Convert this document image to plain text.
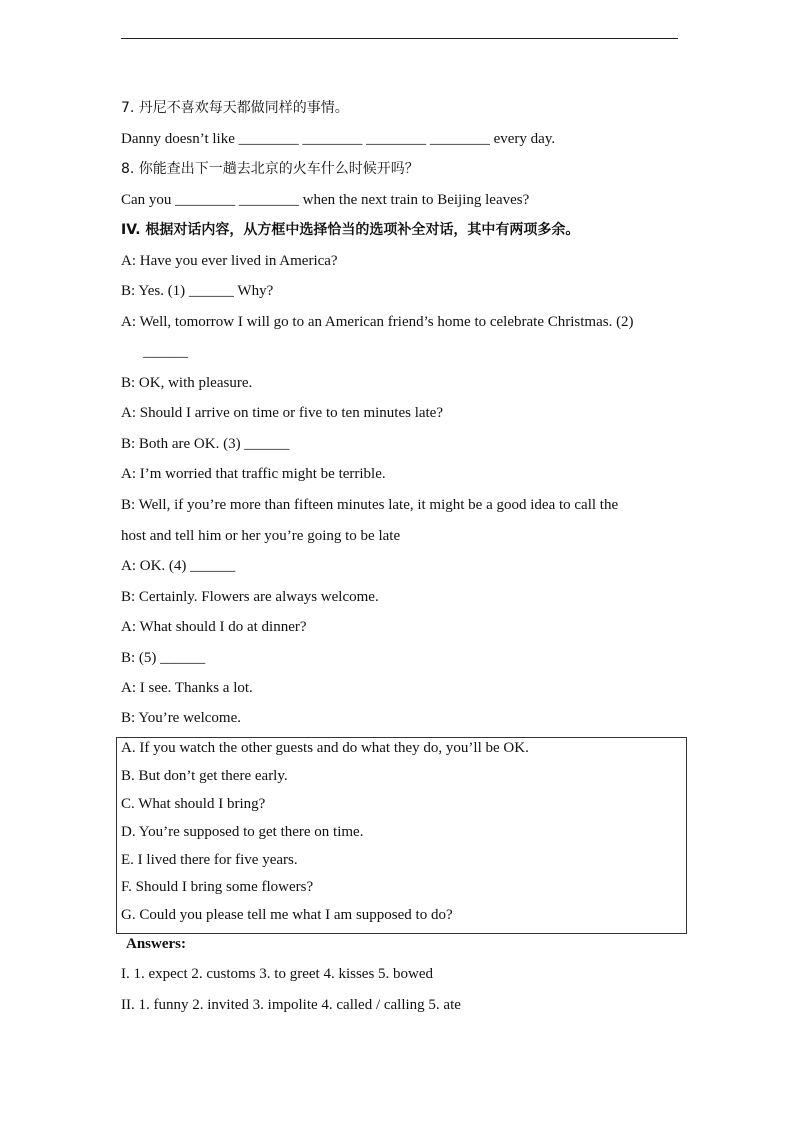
7. 丹尼不喜欢每天都做同样的事情。
Danny doesn’t like ________ ________ ________ ________ every day.
8. 你能查出下一趟去北京的火车什么时候开吗？
Can you ________ ________ when the next train to Beijing leaves?
IV. 根据对话内容，从方框中选择恰当的选项补全对话，其中有两项多余。
A: Have you ever lived in America?
B: Yes. (1) ______ Why?
A: Well, tomorrow I will go to an American friend’s home to celebrate Christmas. (2)
______
B: OK, with pleasure.
A: Should I arrive on time or five to ten minutes late?
B: Both are OK. (3) ______
A: I’m worried that traffic might be terrible.
B: Well, if you’re more than fifteen minutes late, it might be a good idea to call the
host and tell him or her you’re going to be late
A: OK. (4) ______
B: Certainly. Flowers are always welcome.
A: What should I do at dinner?
B: (5) ______
A: I see. Thanks a lot.
B: You’re welcome.
A. If you watch the other guests and do what they do, you’ll be OK.
B. But don’t get there early.
C. What should I bring?
D. You’re supposed to get there on time.
E. I lived there for five years.
F. Should I bring some flowers?
G. Could you please tell me what I am supposed to do?
Answers:
I. 1. expect 2. customs 3. to greet 4. kisses 5. bowed
II. 1. funny 2. invited 3. impolite 4. called / calling 5. ate
